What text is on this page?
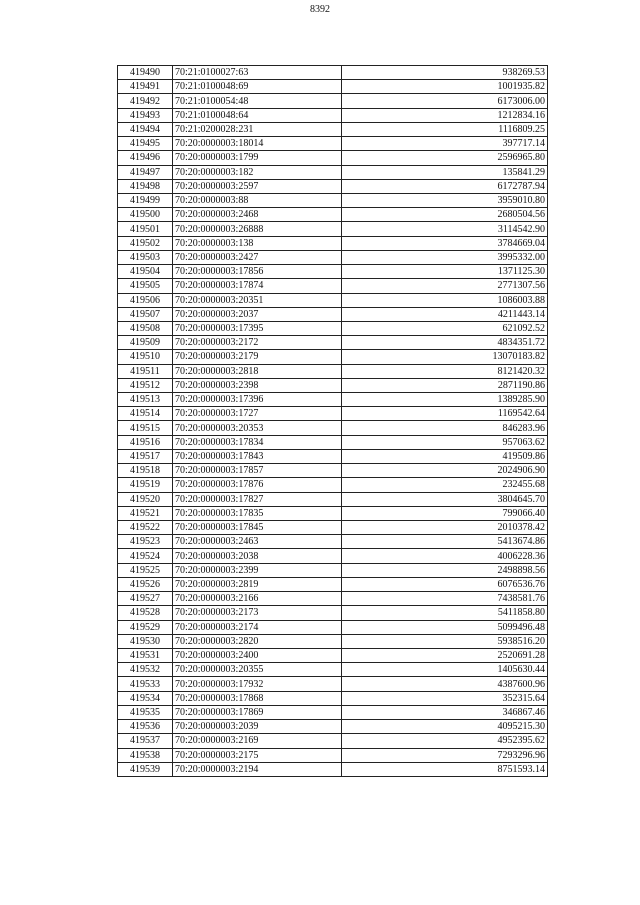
8392
419490	70:21:0100027:63	938269.53
419491	70:21:0100048:69	1001935.82
419492	70:21:0100054:48	6173006.00
419493	70:21:0100048:64	1212834.16
419494	70:21:0200028:231	1116809.25
419495	70:20:0000003:18014	397717.14
419496	70:20:0000003:1799	2596965.80
419497	70:20:0000003:182	135841.29
419498	70:20:0000003:2597	6172787.94
419499	70:20:0000003:88	3959010.80
419500	70:20:0000003:2468	2680504.56
419501	70:20:0000003:26888	3114542.90
419502	70:20:0000003:138	3784669.04
419503	70:20:0000003:2427	3995332.00
419504	70:20:0000003:17856	1371125.30
419505	70:20:0000003:17874	2771307.56
419506	70:20:0000003:20351	1086003.88
419507	70:20:0000003:2037	4211443.14
419508	70:20:0000003:17395	621092.52
419509	70:20:0000003:2172	4834351.72
419510	70:20:0000003:2179	13070183.82
419511	70:20:0000003:2818	8121420.32
419512	70:20:0000003:2398	2871190.86
419513	70:20:0000003:17396	1389285.90
419514	70:20:0000003:1727	1169542.64
419515	70:20:0000003:20353	846283.96
419516	70:20:0000003:17834	957063.62
419517	70:20:0000003:17843	419509.86
419518	70:20:0000003:17857	2024906.90
419519	70:20:0000003:17876	232455.68
419520	70:20:0000003:17827	3804645.70
419521	70:20:0000003:17835	799066.40
419522	70:20:0000003:17845	2010378.42
419523	70:20:0000003:2463	5413674.86
419524	70:20:0000003:2038	4006228.36
419525	70:20:0000003:2399	2498898.56
419526	70:20:0000003:2819	6076536.76
419527	70:20:0000003:2166	7438581.76
419528	70:20:0000003:2173	5411858.80
419529	70:20:0000003:2174	5099496.48
419530	70:20:0000003:2820	5938516.20
419531	70:20:0000003:2400	2520691.28
419532	70:20:0000003:20355	1405630.44
419533	70:20:0000003:17932	4387600.96
419534	70:20:0000003:17868	352315.64
419535	70:20:0000003:17869	346867.46
419536	70:20:0000003:2039	4095215.30
419537	70:20:0000003:2169	4952395.62
419538	70:20:0000003:2175	7293296.96
419539	70:20:0000003:2194	8751593.14
